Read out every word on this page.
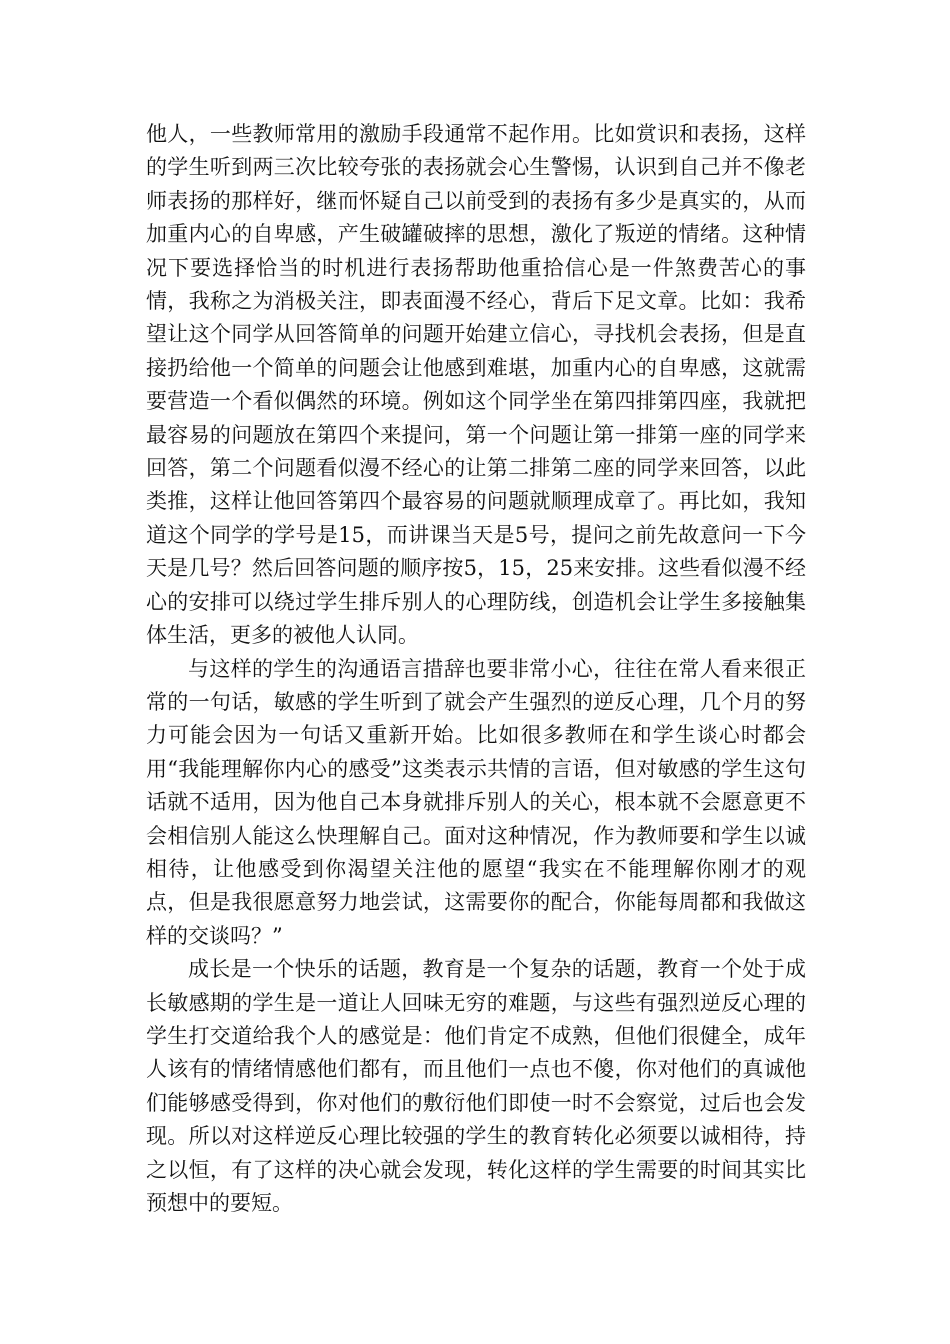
他人，一些教师常用的激励手段通常不起作用。比如赏识和表扬，这样的学生听到两三次比较夸张的表扬就会心生警惕，认识到自己并不像老师表扬的那样好，继而怀疑自己以前受到的表扬有多少是真实的，从而加重内心的自卑感，产生破罐破摔的思想，激化了叛逆的情绪。这种情况下要选择恰当的时机进行表扬帮助他重拾信心是一件煞费苦心的事情，我称之为消极关注，即表面漫不经心，背后下足文章。比如：我希望让这个同学从回答简单的问题开始建立信心，寻找机会表扬，但是直接扔给他一个简单的问题会让他感到难堪，加重内心的自卑感，这就需要营造一个看似偶然的环境。例如这个同学坐在第四排第四座，我就把最容易的问题放在第四个来提问，第一个问题让第一排第一座的同学来回答，第二个问题看似漫不经心的让第二排第二座的同学来回答，以此类推，这样让他回答第四个最容易的问题就顺理成章了。再比如，我知道这个同学的学号是15，而讲课当天是5号，提问之前先故意问一下今天是几号？然后回答问题的顺序按5，15，25来安排。这些看似漫不经心的安排可以绕过学生排斥别人的心理防线，创造机会让学生多接触集体生活，更多的被他人认同。

与这样的学生的沟通语言措辞也要非常小心，往往在常人看来很正常的一句话，敏感的学生听到了就会产生强烈的逆反心理，几个月的努力可能会因为一句话又重新开始。比如很多教师在和学生谈心时都会用“我能理解你内心的感受”这类表示共情的言语，但对敏感的学生这句话就不适用，因为他自己本身就排斥别人的关心，根本就不会愿意更不会相信别人能这么快理解自己。面对这种情况，作为教师要和学生以诚相待，让他感受到你渴望关注他的愿望“我实在不能理解你刚才的观点，但是我很愿意努力地尝试，这需要你的配合，你能每周都和我做这样的交谈吗？”

成长是一个快乐的话题，教育是一个复杂的话题，教育一个处于成长敏感期的学生是一道让人回味无穷的难题，与这些有强烈逆反心理的学生打交道给我个人的感觉是：他们肯定不成熟，但他们很健全，成年人该有的情绪情感他们都有，而且他们一点也不傻，你对他们的真诚他们能够感受得到，你对他们的敷衍他们即使一时不会察觉，过后也会发现。所以对这样逆反心理比较强的学生的教育转化必须要以诚相待，持之以恒，有了这样的决心就会发现，转化这样的学生需要的时间其实比预想中的要短。
